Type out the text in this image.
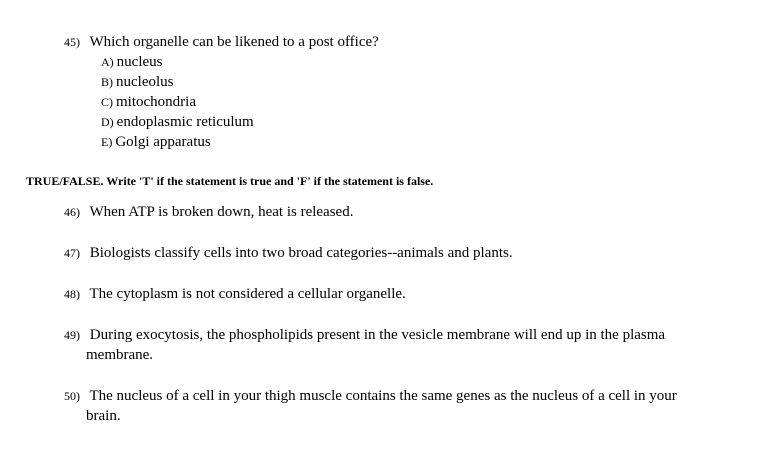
45) Which organelle can be likened to a post office?
A) nucleus
B) nucleolus
C) mitochondria
D) endoplasmic reticulum
E) Golgi apparatus
TRUE/FALSE. Write 'T' if the statement is true and 'F' if the statement is false.
46) When ATP is broken down, heat is released.
47) Biologists classify cells into two broad categories--animals and plants.
48) The cytoplasm is not considered a cellular organelle.
49) During exocytosis, the phospholipids present in the vesicle membrane will end up in the plasma
membrane.
50) The nucleus of a cell in your thigh muscle contains the same genes as the nucleus of a cell in your
brain.
